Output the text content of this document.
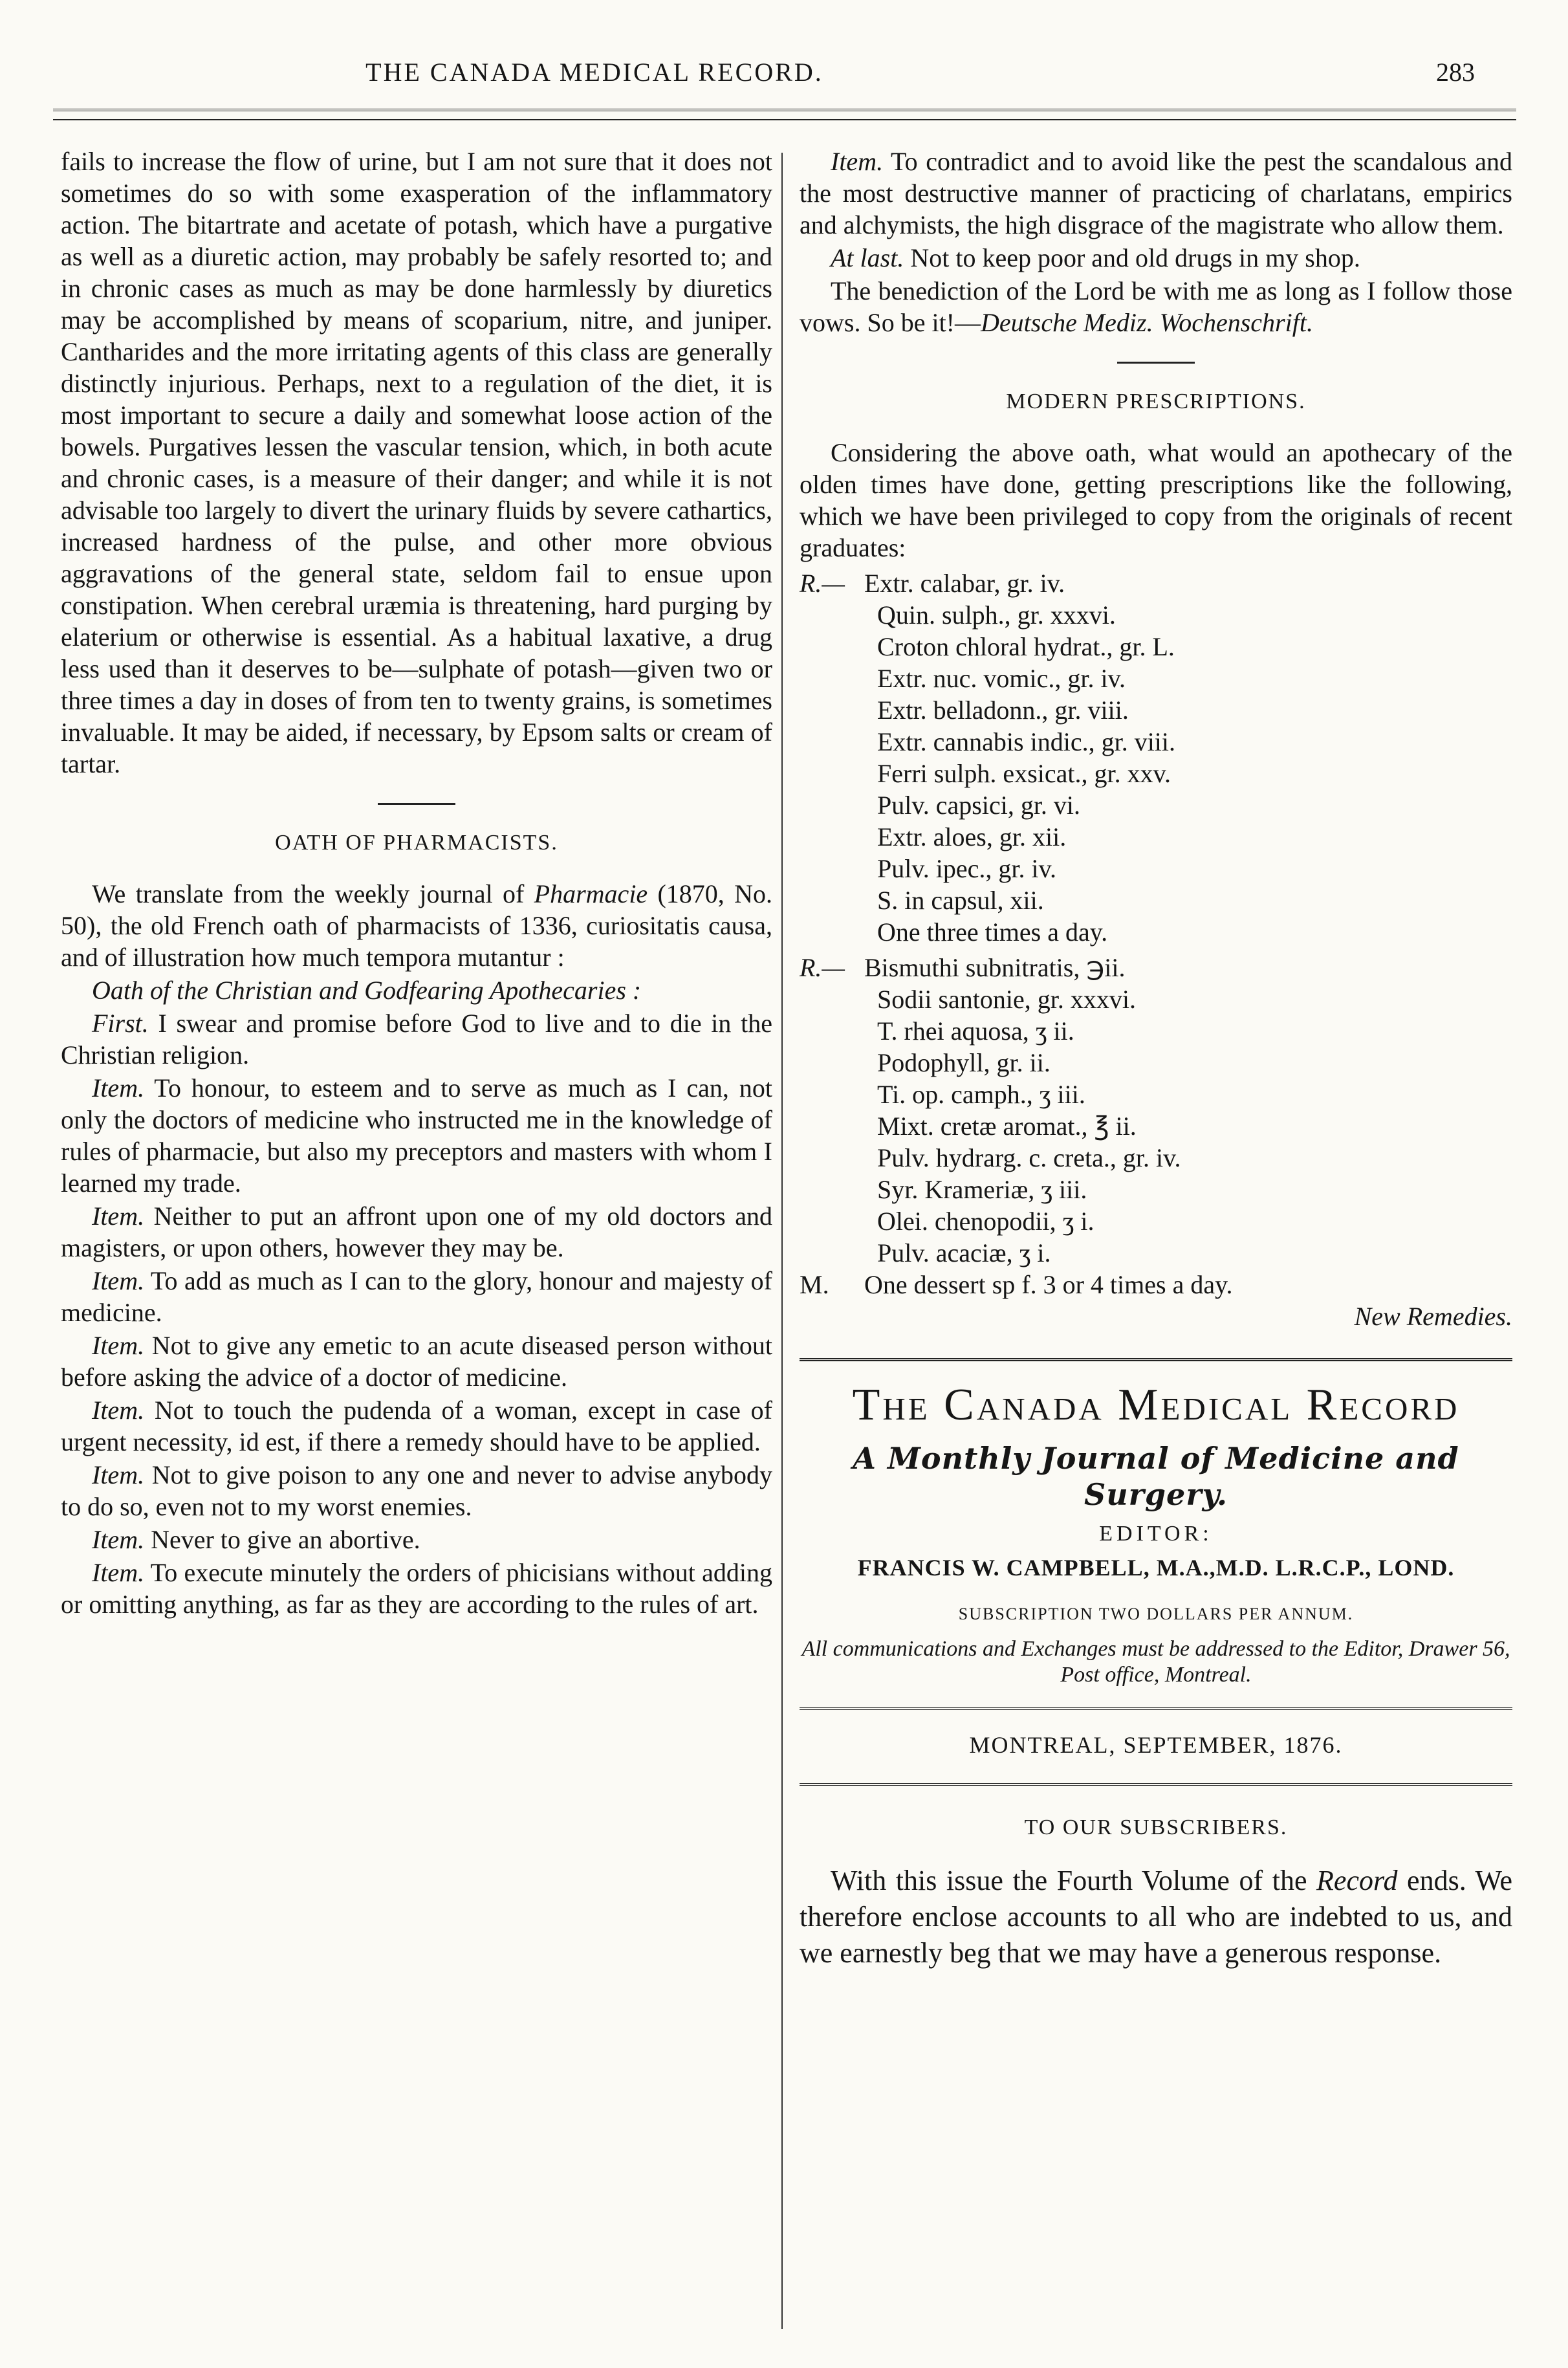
THE CANADA MEDICAL RECORD.	283

fails to increase the flow of urine, but I am not sure that it does not sometimes do so with some exasperation of the inflammatory action. The bitartrate and acetate of potash, which have a purgative as well as a diuretic action, may probably be safely resorted to; and in chronic cases as much as may be done harmlessly by diuretics may be accomplished by means of scoparium, nitre, and juniper. Cantharides and the more irritating agents of this class are generally distinctly injurious. Perhaps, next to a regulation of the diet, it is most important to secure a daily and somewhat loose action of the bowels. Purgatives lessen the vascular tension, which, in both acute and chronic cases, is a measure of their danger; and while it is not advisable too largely to divert the urinary fluids by severe cathartics, increased hardness of the pulse, and other more obvious aggravations of the general state, seldom fail to ensue upon constipation. When cerebral uræmia is threatening, hard purging by elaterium or otherwise is essential. As a habitual laxative, a drug less used than it deserves to be—sulphate of potash—given two or three times a day in doses of from ten to twenty grains, is sometimes invaluable. It may be aided, if necessary, by Epsom salts or cream of tartar.

OATH OF PHARMACISTS.

We translate from the weekly journal of Pharmacie (1870, No. 50), the old French oath of pharmacists of 1336, curiositatis causa, and of illustration how much tempora mutantur :

Oath of the Christian and Godfearing Apothecaries :

First. I swear and promise before God to live and to die in the Christian religion.

Item. To honour, to esteem and to serve as much as I can, not only the doctors of medicine who instructed me in the knowledge of rules of pharmacie, but also my preceptors and masters with whom I learned my trade.

Item. Neither to put an affront upon one of my old doctors and magisters, or upon others, however they may be.

Item. To add as much as I can to the glory, honour and majesty of medicine.

Item. Not to give any emetic to an acute diseased person without before asking the advice of a doctor of medicine.

Item. Not to touch the pudenda of a woman, except in case of urgent necessity, id est, if there a remedy should have to be applied.

Item. Not to give poison to any one and never to advise anybody to do so, even not to my worst enemies.

Item. Never to give an abortive.

Item. To execute minutely the orders of phicisians without adding or omitting anything, as far as they are according to the rules of art.

Item. To contradict and to avoid like the pest the scandalous and the most destructive manner of practicing of charlatans, empirics and alchymists, the high disgrace of the magistrate who allow them.

At last. Not to keep poor and old drugs in my shop.

The benediction of the Lord be with me as long as I follow those vows. So be it!—Deutsche Mediz. Wochenschrift.

MODERN PRESCRIPTIONS.

Considering the above oath, what would an apothecary of the olden times have done, getting prescriptions like the following, which we have been privileged to copy from the originals of recent graduates:

R.— Extr. calabar, gr. iv.
Quin. sulph., gr. xxxvi.
Croton chloral hydrat., gr. L.
Extr. nuc. vomic., gr. iv.
Extr. belladonn., gr. viii.
Extr. cannabis indic., gr. viii.
Ferri sulph. exsicat., gr. xxv.
Pulv. capsici, gr. vi.
Extr. aloes, gr. xii.
Pulv. ipec., gr. iv.
S. in capsul, xii.
One three times a day.
R.— Bismuthi subnitratis, ℈ii.
Sodii santonie, gr. xxxvi.
T. rhei aquosa, ʒ ii.
Podophyll, gr. ii.
Ti. op. camph., ʒ iii.
Mixt. cretæ aromat., ℥ ii.
Pulv. hydrarg. c. creta., gr. iv.
Syr. Krameriæ, ʒ iii.
Olei. chenopodii, ʒ i.
Pulv. acaciæ, ʒ i.
M.	One dessert sp f. 3 or 4 times a day.
New Remedies.
The Canada Medical Record
A Monthly Journal of Medicine and Surgery.
EDITOR:
FRANCIS W. CAMPBELL, M.A.,M.D. L.R.C.P., LOND.
SUBSCRIPTION TWO DOLLARS PER ANNUM.
All communications and Exchanges must be addressed to the Editor, Drawer 56, Post office, Montreal.
MONTREAL, SEPTEMBER, 1876.
TO OUR SUBSCRIBERS.

With this issue the Fourth Volume of the Record ends. We therefore enclose accounts to all who are indebted to us, and we earnestly beg that we may have a generous response.
